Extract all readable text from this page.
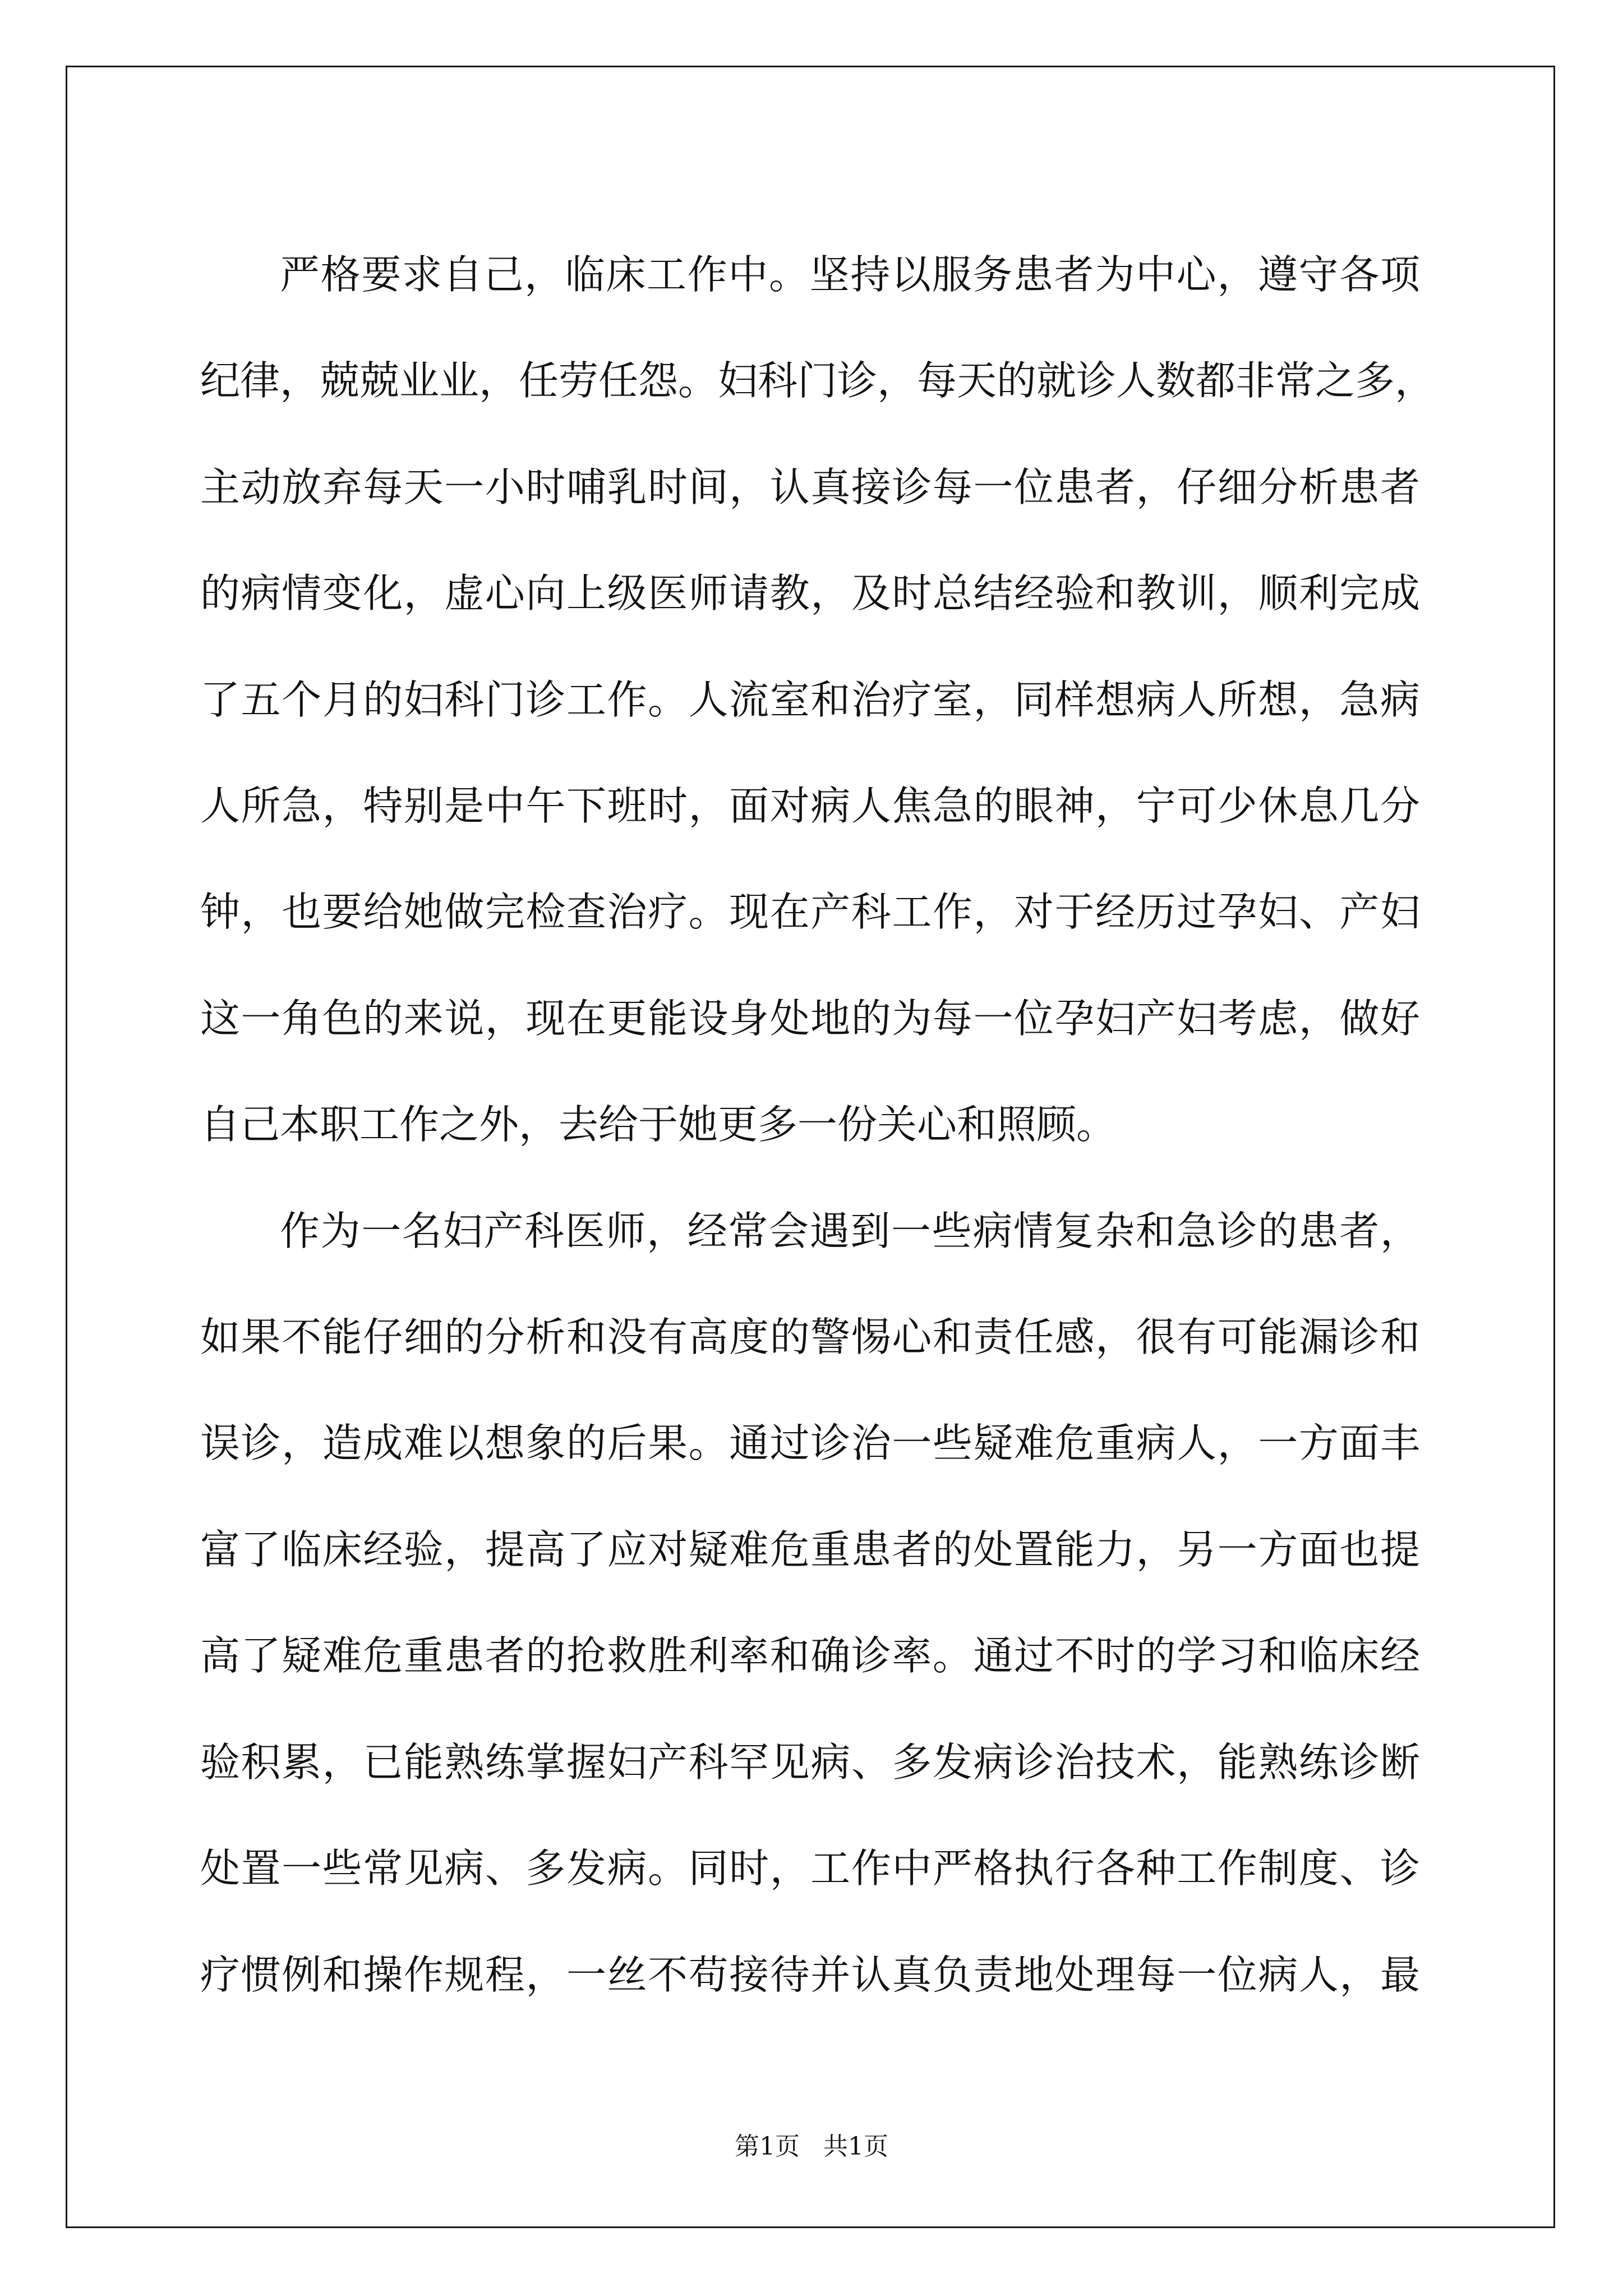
严格要求自己，临床工作中。坚持以服务患者为中心，遵守各项
纪律，兢兢业业，任劳任怨。妇科门诊，每天的就诊人数都非常之多，
主动放弃每天一小时哺乳时间，认真接诊每一位患者，仔细分析患者
的病情变化，虚心向上级医师请教，及时总结经验和教训，顺利完成
了五个月的妇科门诊工作。人流室和治疗室，同样想病人所想，急病
人所急，特别是中午下班时，面对病人焦急的眼神，宁可少休息几分
钟，也要给她做完检查治疗。现在产科工作，对于经历过孕妇、产妇
这一角色的来说，现在更能设身处地的为每一位孕妇产妇考虑，做好
自己本职工作之外，去给于她更多一份关心和照顾。

作为一名妇产科医师，经常会遇到一些病情复杂和急诊的患者，
如果不能仔细的分析和没有高度的警惕心和责任感，很有可能漏诊和
误诊，造成难以想象的后果。通过诊治一些疑难危重病人，一方面丰
富了临床经验，提高了应对疑难危重患者的处置能力，另一方面也提
高了疑难危重患者的抢救胜利率和确诊率。通过不时的学习和临床经
验积累，已能熟练掌握妇产科罕见病、多发病诊治技术，能熟练诊断
处置一些常见病、多发病。同时，工作中严格执行各种工作制度、诊
疗惯例和操作规程，一丝不苟接待并认真负责地处理每一位病人，最

第1页   共1页
